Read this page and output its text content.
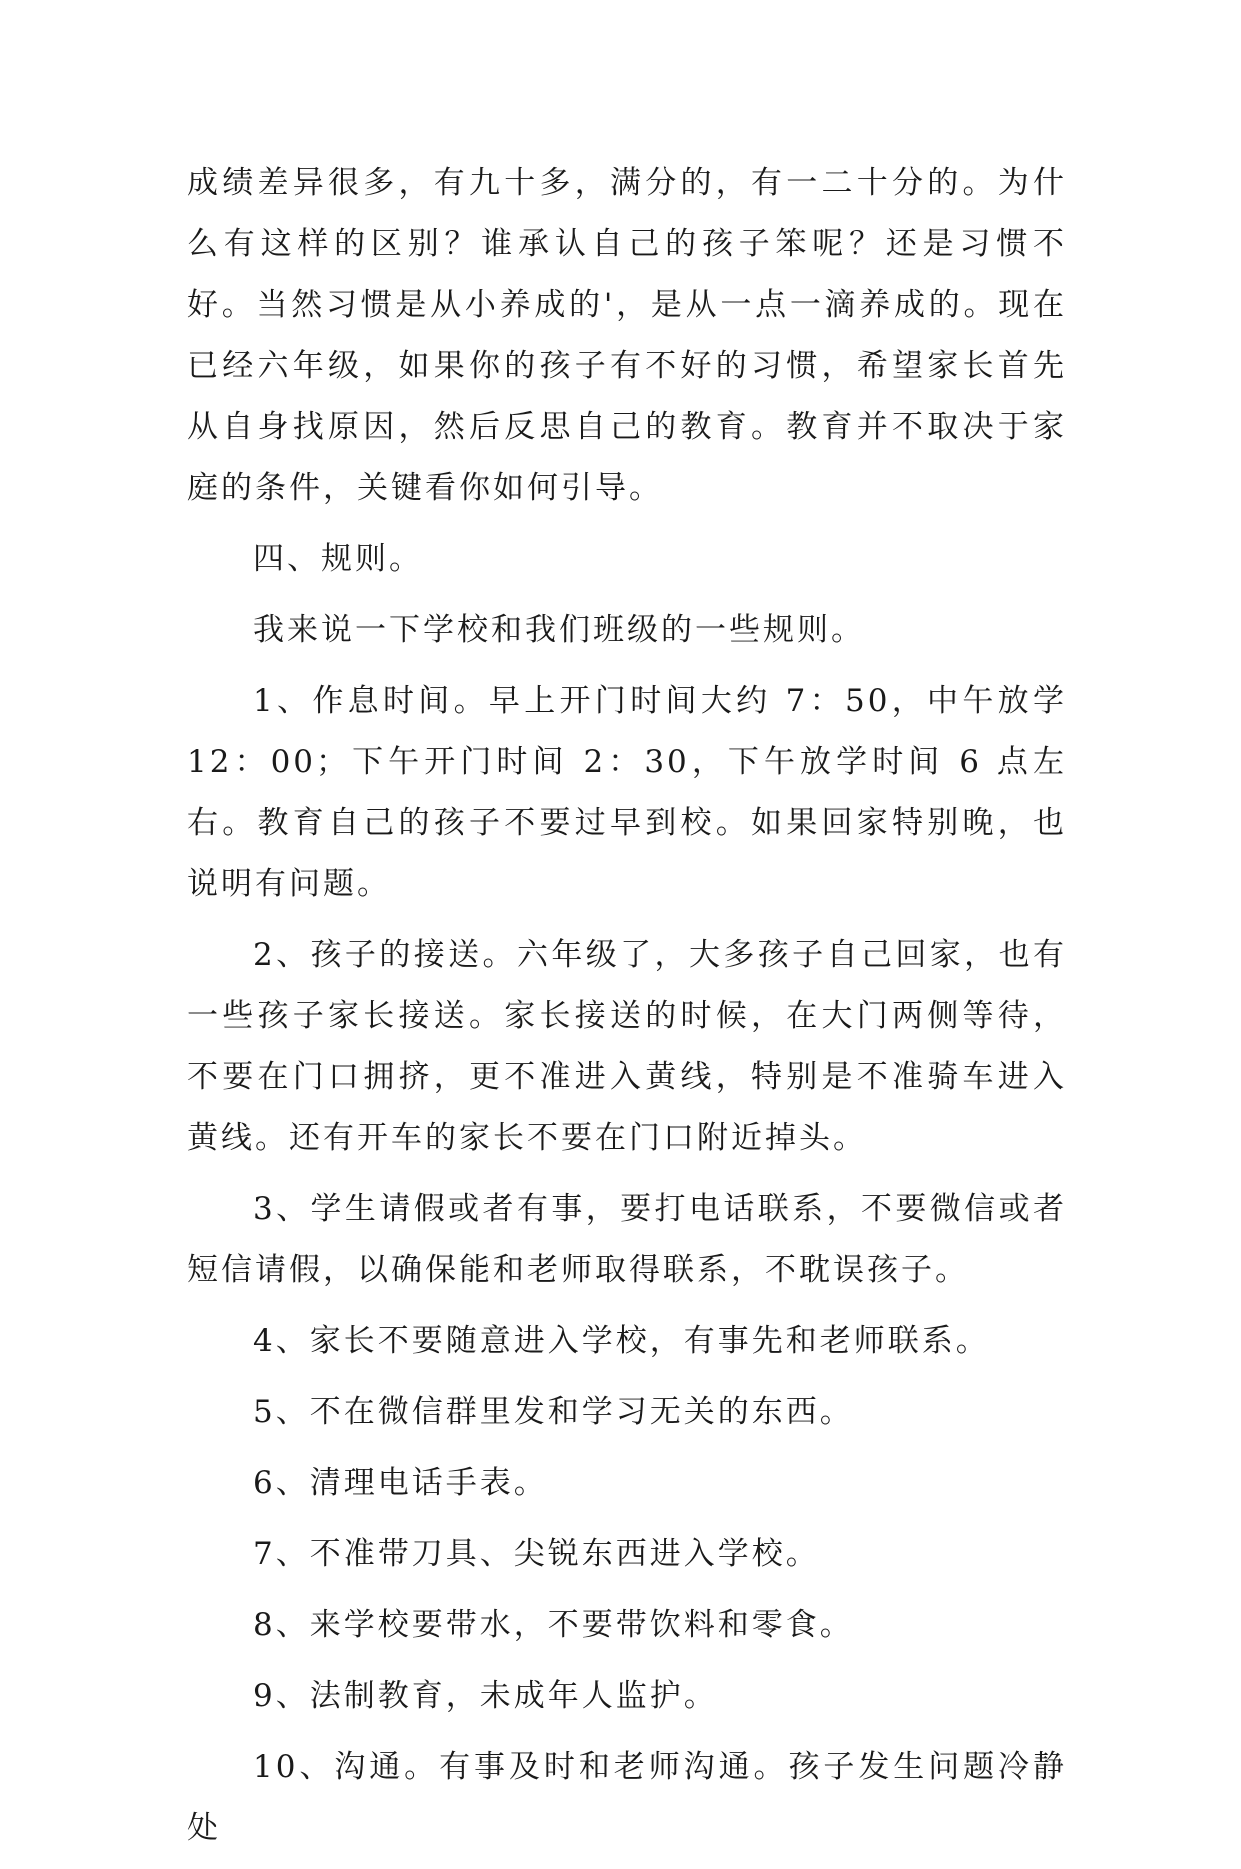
成绩差异很多，有九十多，满分的，有一二十分的。为什么有这样的区别？谁承认自己的孩子笨呢？还是习惯不好。当然习惯是从小养成的'，是从一点一滴养成的。现在已经六年级，如果你的孩子有不好的习惯，希望家长首先从自身找原因，然后反思自己的教育。教育并不取决于家庭的条件，关键看你如何引导。

四、规则。

我来说一下学校和我们班级的一些规则。

1、作息时间。早上开门时间大约 7：50，中午放学 12：00；下午开门时间 2：30，下午放学时间 6 点左右。教育自己的孩子不要过早到校。如果回家特别晚，也说明有问题。

2、孩子的接送。六年级了，大多孩子自己回家，也有一些孩子家长接送。家长接送的时候，在大门两侧等待，不要在门口拥挤，更不准进入黄线，特别是不准骑车进入黄线。还有开车的家长不要在门口附近掉头。

3、学生请假或者有事，要打电话联系，不要微信或者短信请假，以确保能和老师取得联系，不耽误孩子。

4、家长不要随意进入学校，有事先和老师联系。

5、不在微信群里发和学习无关的东西。

6、清理电话手表。

7、不准带刀具、尖锐东西进入学校。

8、来学校要带水，不要带饮料和零食。

9、法制教育，未成年人监护。

10、沟通。有事及时和老师沟通。孩子发生问题冷静处
